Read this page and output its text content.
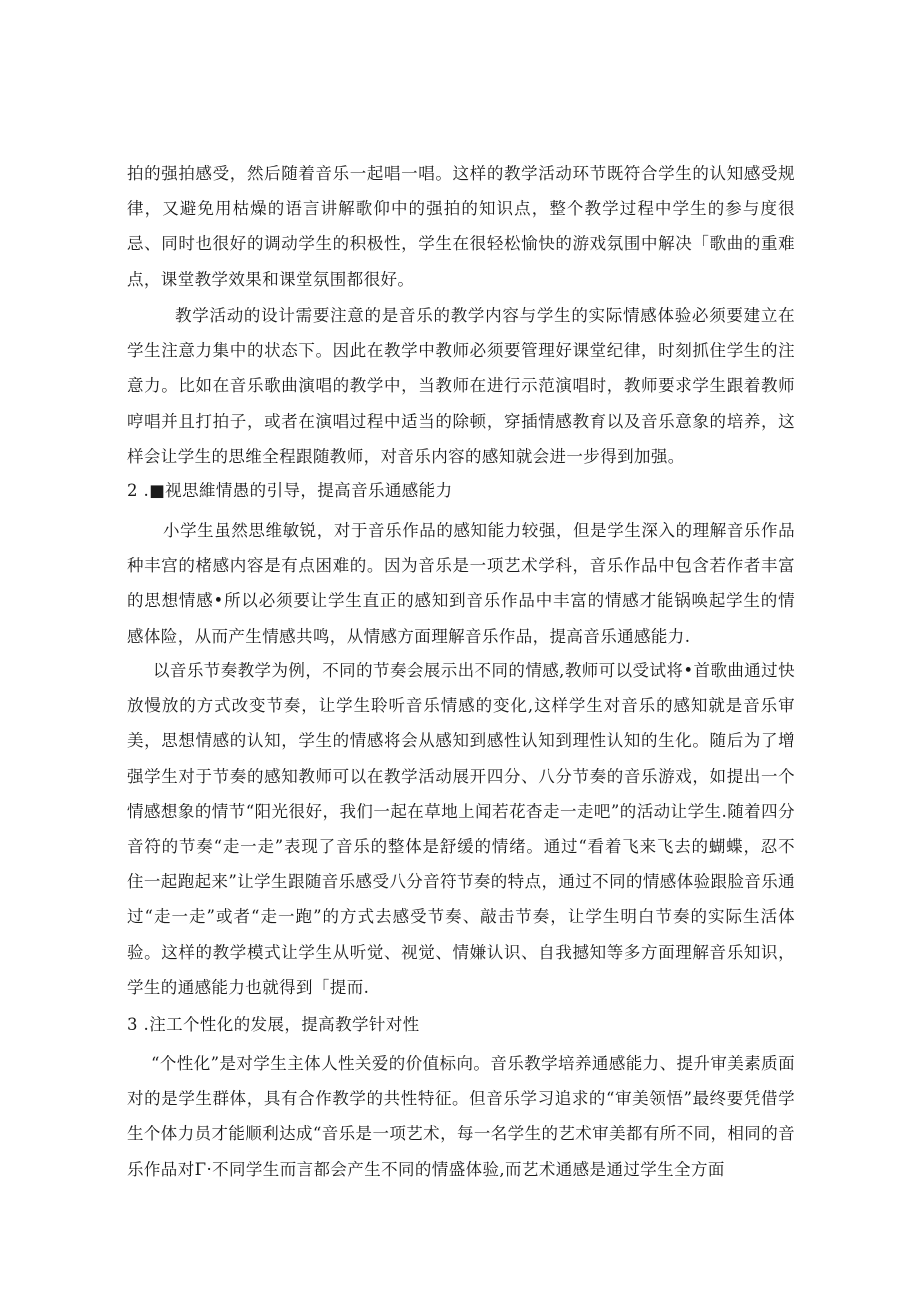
拍的强拍感受，然后随着音乐一起唱一唱。这样的教学活动环节既符合学生的认知感受规律，又避免用枯燥的语言讲解歌仰中的强拍的知识点，整个教学过程中学生的参与度很忌、同时也很好的调动学生的积极性，学生在很轻松愉快的游戏氛围中解决「歌曲的重难点，课堂教学效果和课堂氛围都很好。

教学活动的设计需要注意的是音乐的教学内容与学生的实际情感体验必须要建立在学生注意力集中的状态下。因此在教学中教师必须要管理好课堂纪律，时刻抓住学生的注意力。比如在音乐歌曲演唱的教学中，当教师在进行示范演唱时，教师要求学生跟着教师哼唱并且打拍子，或者在演唱过程中适当的除顿，穿插情感教育以及音乐意象的培养，这样会让学生的思维全程跟随教师，对音乐内容的感知就会进一步得到加强。

2 .■视思維情愚的引导，提高音乐通感能力

小学生虽然思维敏锐，对于音乐作品的感知能力较强，但是学生深入的理解音乐作品种丰宫的楮感内容是有点困难的。因为音乐是一项艺术学科，音乐作品中包含若作者丰富的思想情感•所以必须要让学生直正的感知到音乐作品中丰富的情感才能锅唤起学生的情感体险，从而产生情感共鸣，从情感方面理解音乐作品，提高音乐通感能力.

以音乐节奏教学为例，不同的节奏会展示出不同的情感,教师可以受试将•首歌曲通过快放慢放的方式改变节奏，让学生聆听音乐情感的变化,这样学生对音乐的感知就是音乐审美，思想情感的认知，学生的情感将会从感知到感性认知到理性认知的生化。随后为了增强学生对于节奏的感知教师可以在教学活动展开四分、八分节奏的音乐游戏，如提出一个情感想象的情节“阳光很好，我们一起在草地上闻若花杳走一走吧”的活动让学生.随着四分音符的节奏“走一走”表现了音乐的整体是舒缓的情绪。通过“看着飞来飞去的蝴蝶，忍不住一起跑起来”让学生跟随音乐感受八分音符节奏的特点，通过不同的情感体验跟脸音乐通过“走一走”或者“走一跑”的方式去感受节奏、敲击节奏，让学生明白节奏的实际生活体验。这样的教学模式让学生从听觉、视觉、情嫌认识、自我撼知等多方面理解音乐知识，学生的通感能力也就得到「提而.

3 .注工个性化的发展，提高教学针对性

“个性化”是对学生主体人性关爱的价值标向。音乐教学培养通感能力、提升审美素质面对的是学生群体，具有合作教学的共性特征。但音乐学习追求的“审美领悟”最终要凭借学生个体力员才能顺利达成“音乐是一项艺术，每一名学生的艺术审美都有所不同，相同的音乐作品对Γ·不同学生而言都会产生不同的情盛体验,而艺术通感是通过学生全方面
